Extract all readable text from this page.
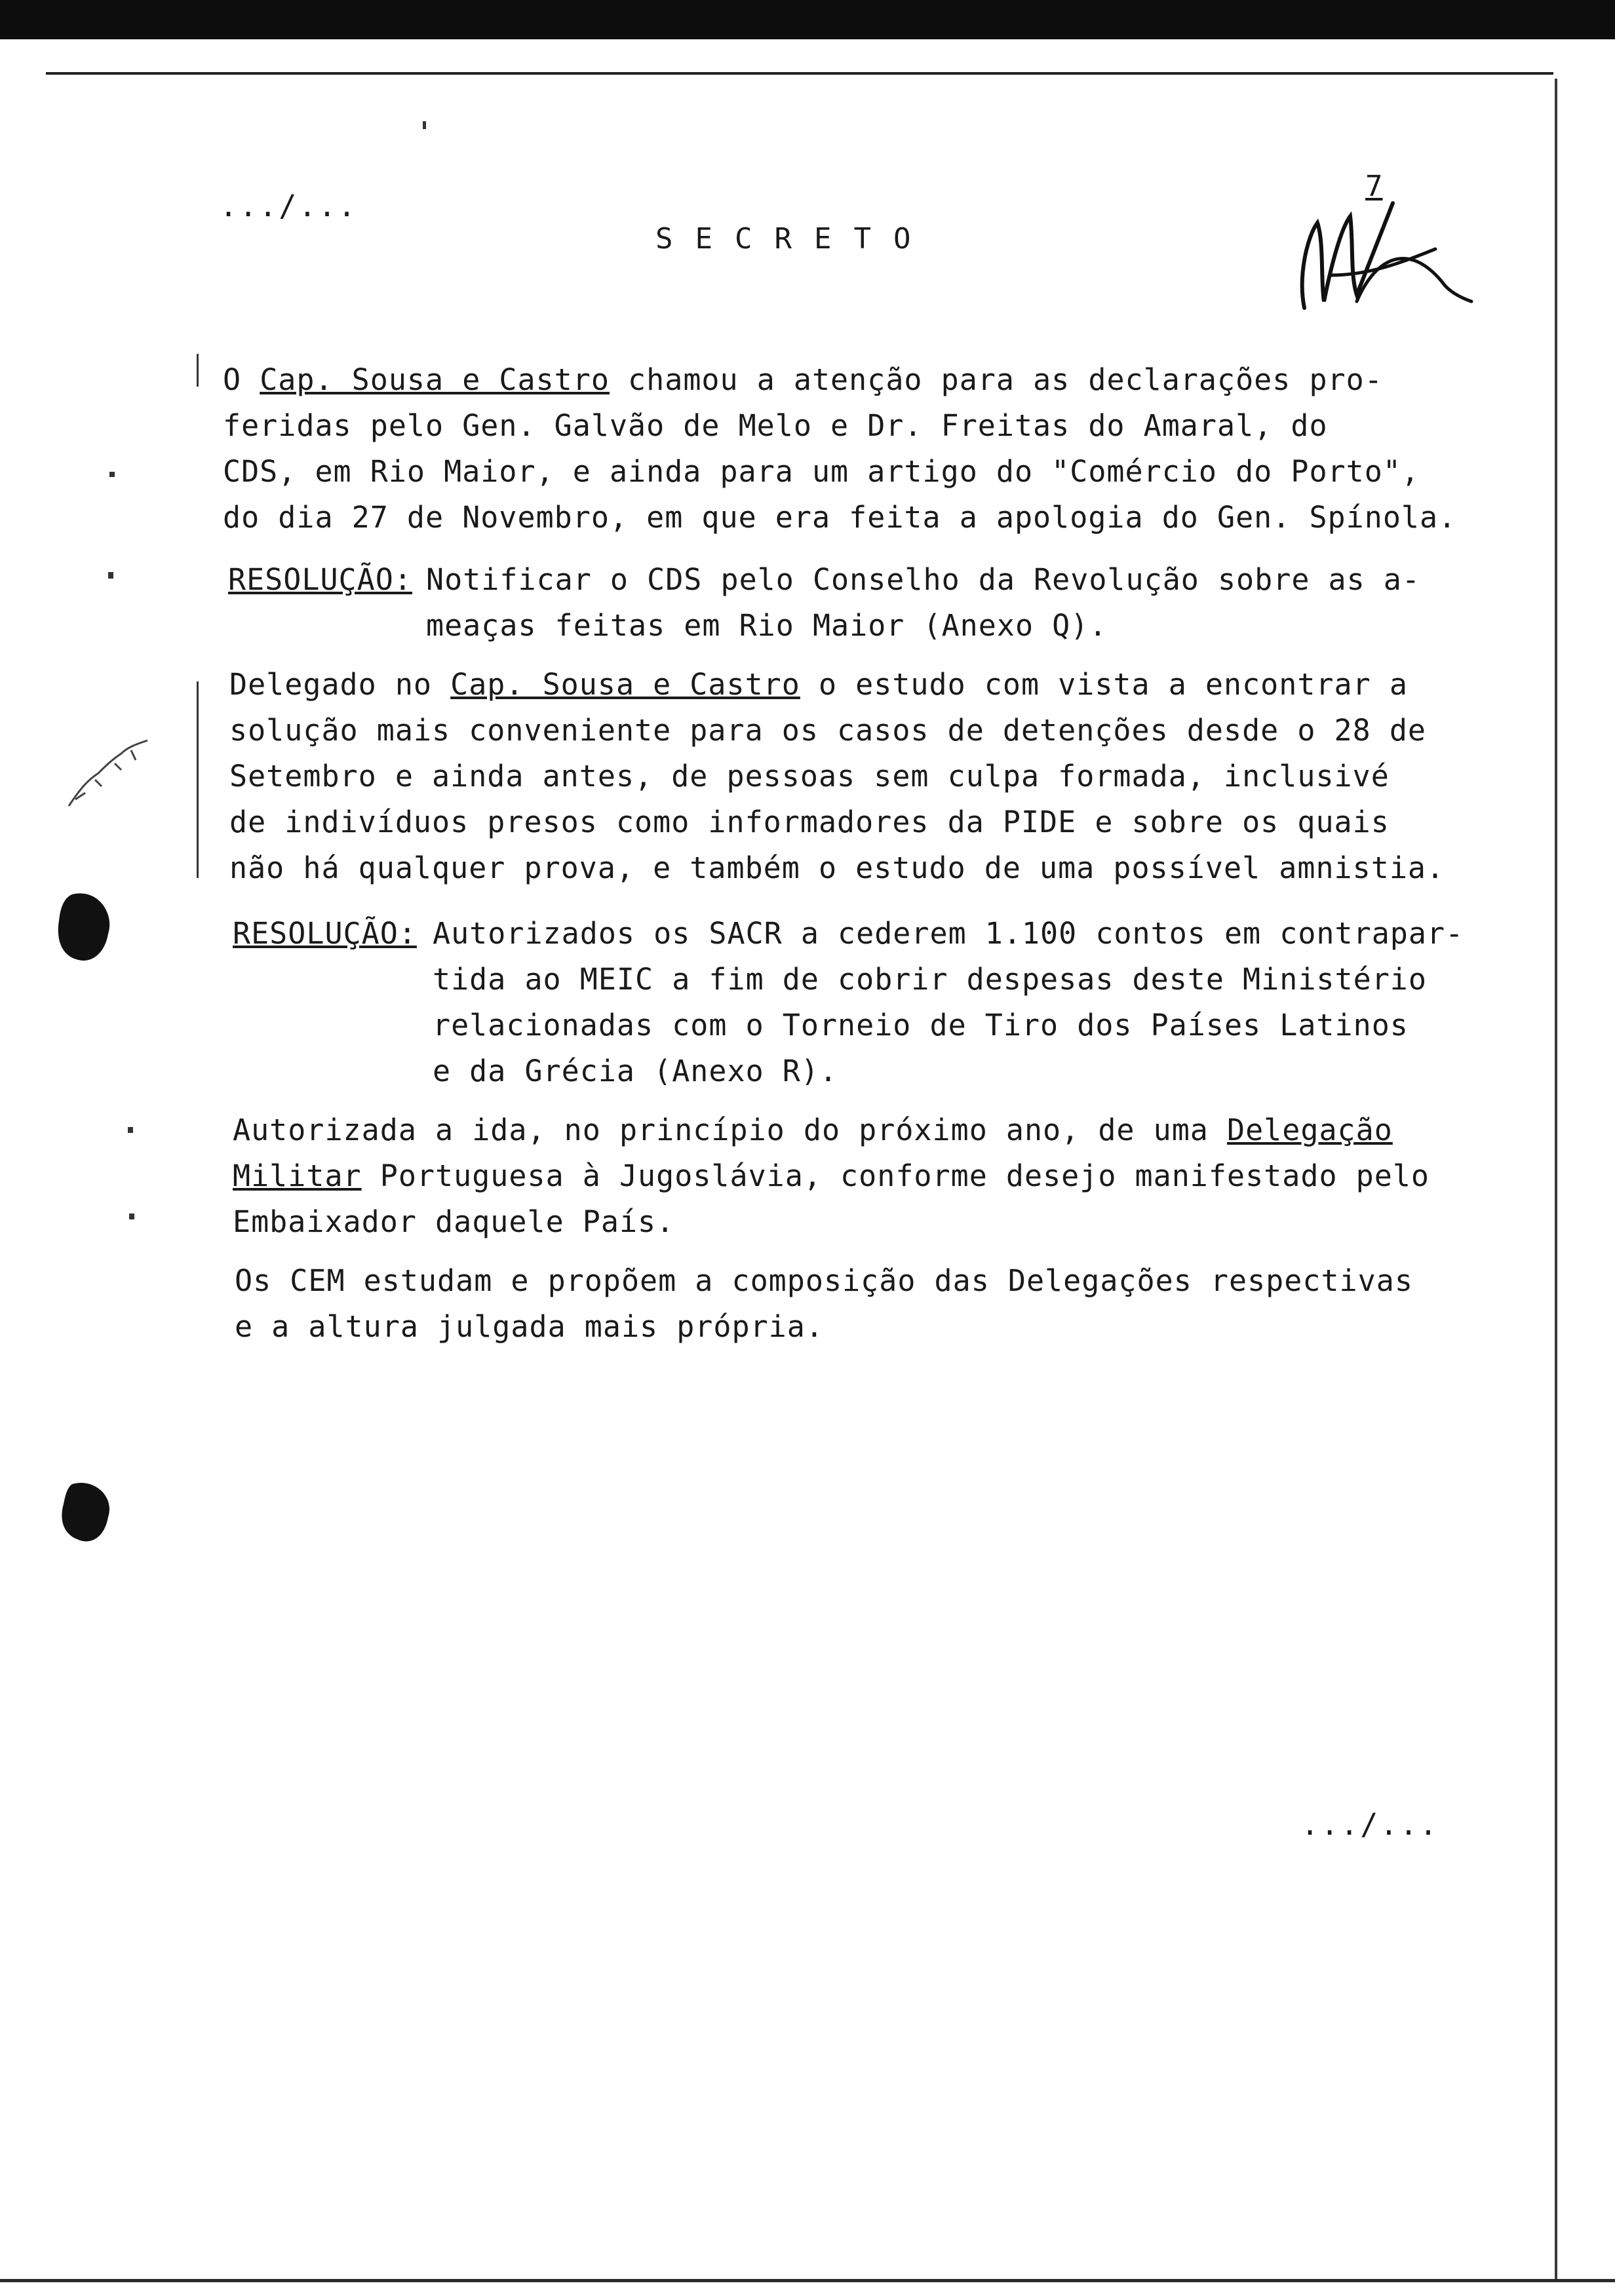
.../...
7
SECRETO
O Cap. Sousa e Castro chamou a atenção para as declarações pro-
feridas pelo Gen. Galvão de Melo e Dr. Freitas do Amaral, do
CDS, em Rio Maior, e ainda para um artigo do "Comércio do Porto",
do dia 27 de Novembro, em que era feita a apologia do Gen. Spínola.
RESOLUÇÃO: Notificar o CDS pelo Conselho da Revolução sobre as a-
meaças feitas em Rio Maior (Anexo Q).
Delegado no Cap. Sousa e Castro o estudo com vista a encontrar a
solução mais conveniente para os casos de detenções desde o 28 de
Setembro e ainda antes, de pessoas sem culpa formada, inclusivé
de indivíduos presos como informadores da PIDE e sobre os quais
não há qualquer prova, e também o estudo de uma possível amnistia.
RESOLUÇÃO: Autorizados os SACR a cederem 1.100 contos em contrapar-
tida ao MEIC a fim de cobrir despesas deste Ministério
relacionadas com o Torneio de Tiro dos Países Latinos
e da Grécia (Anexo R).
Autorizada a ida, no princípio do próximo ano, de uma Delegação
Militar Portuguesa à Jugoslávia, conforme desejo manifestado pelo
Embaixador daquele País.
Os CEM estudam e propõem a composição das Delegações respectivas
e a altura julgada mais própria.
.../...
